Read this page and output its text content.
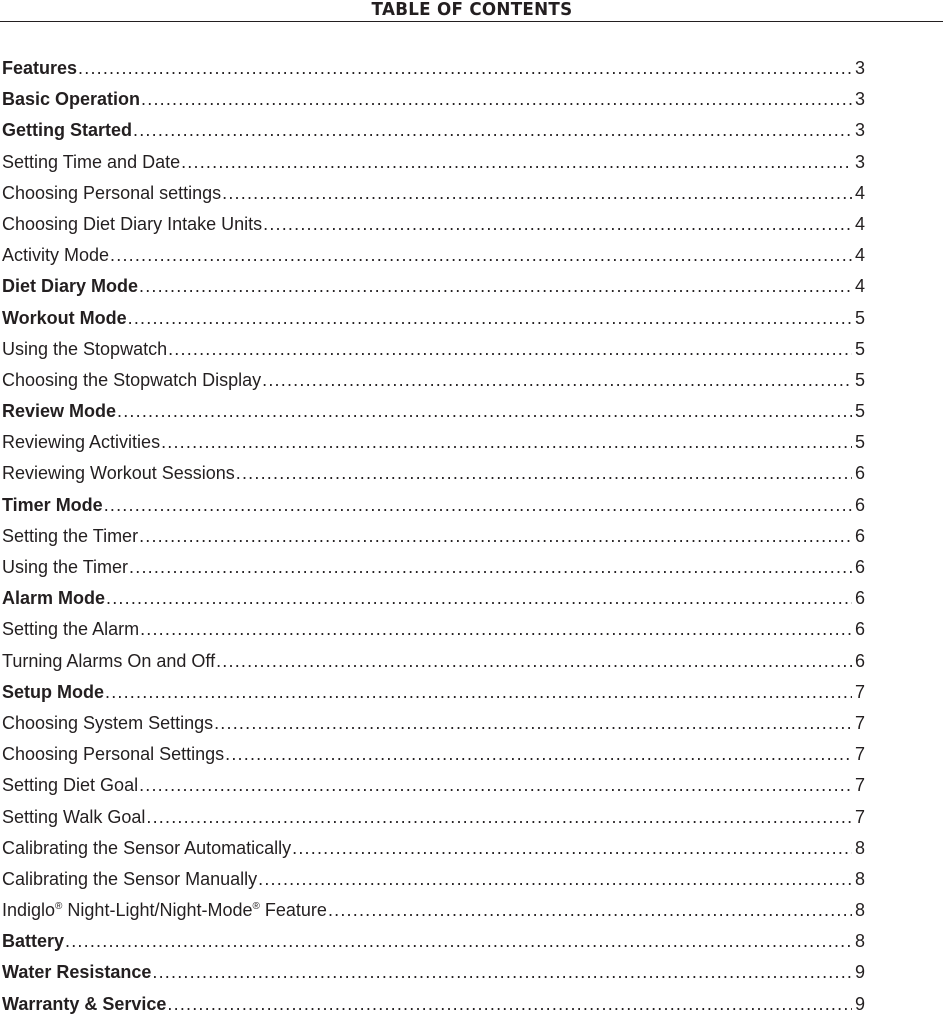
TABLE OF CONTENTS
Features .....	3
Basic Operation .....	3
Getting Started .....	3
Setting Time and Date .....	3
Choosing Personal settings .....	4
Choosing Diet Diary Intake Units .....	4
Activity Mode .....	4
Diet Diary Mode .....	4
Workout Mode .....	5
Using the Stopwatch .....	5
Choosing the Stopwatch Display .....	5
Review Mode .....	5
Reviewing Activities .....	5
Reviewing Workout Sessions .....	6
Timer Mode .....	6
Setting the Timer .....	6
Using the Timer .....	6
Alarm Mode .....	6
Setting the Alarm .....	6
Turning Alarms On and Off .....	6
Setup Mode .....	7
Choosing System Settings .....	7
Choosing Personal Settings .....	7
Setting Diet Goal .....	7
Setting Walk Goal .....	7
Calibrating the Sensor Automatically .....	8
Calibrating the Sensor Manually .....	8
Indiglo® Night-Light/Night-Mode® Feature .....	8
Battery .....	8
Water Resistance .....	9
Warranty & Service .....	9
